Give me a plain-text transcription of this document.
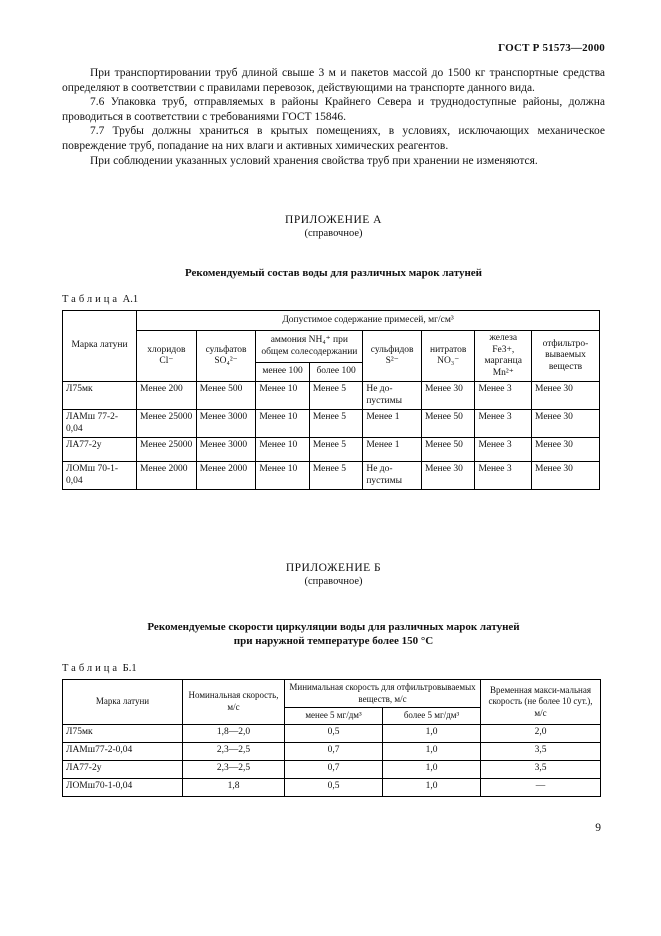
ГОСТ Р 51573—2000

При транспортировании труб длиной свыше 3 м и пакетов массой до 1500 кг транспортные средства определяют в соответствии с правилами перевозок, действующими на транспорте данного вида.

7.6 Упаковка труб, отправляемых в районы Крайнего Севера и труднодоступные районы, должна проводиться в соответствии с требованиями ГОСТ 15846.

7.7 Трубы должны храниться в крытых помещениях, в условиях, исключающих механическое повреждение труб, попадание на них влаги и активных химических реагентов.

При соблюдении указанных условий хранения свойства труб при хранении не изменяются.

ПРИЛОЖЕНИЕ А
(справочное)
Рекомендуемый состав воды для различных марок латуней
Таблица А.1
Марка латуни	Допустимое содержание примесей, мг/см³							
	хлоридов Cl⁻	сульфатов SO₄²⁻	аммония NH₄⁺ при общем солесодержании		сульфидов S²⁻	нитратов NO₃⁻	железа Fe3+, марганца Mn²⁺	отфильтро-вываемых веществ
			менее 100	более 100				
Л75мк	Менее 200	Менее 500	Менее 10	Менее 5	Не до-пустимы	Менее 30	Менее 3	Менее 30
ЛАМш 77-2-0,04	Менее 25000	Менее 3000	Менее 10	Менее 5	Менее 1	Менее 50	Менее 3	Менее 30
ЛА77-2у	Менее 25000	Менее 3000	Менее 10	Менее 5	Менее 1	Менее 50	Менее 3	Менее 30
ЛОМш 70-1-0,04	Менее 2000	Менее 2000	Менее 10	Менее 5	Не до-пустимы	Менее 30	Менее 3	Менее 30
ПРИЛОЖЕНИЕ Б
(справочное)
Рекомендуемые скорости циркуляции воды для различных марок латуней
при наружной температуре более 150 °С
Таблица Б.1
Марка латуни	Номинальная скорость, м/с	Минимальная скорость для отфильтровываемых веществ, м/с		Временная макси-мальная скорость (не более 10 сут.), м/с
		менее 5 мг/дм³	более 5 мг/дм³	
Л75мк	1,8—2,0	0,5	1,0	2,0
ЛАМш77-2-0,04	2,3—2,5	0,7	1,0	3,5
ЛА77-2у	2,3—2,5	0,7	1,0	3,5
ЛОМш70-1-0,04	1,8	0,5	1,0	—
9
